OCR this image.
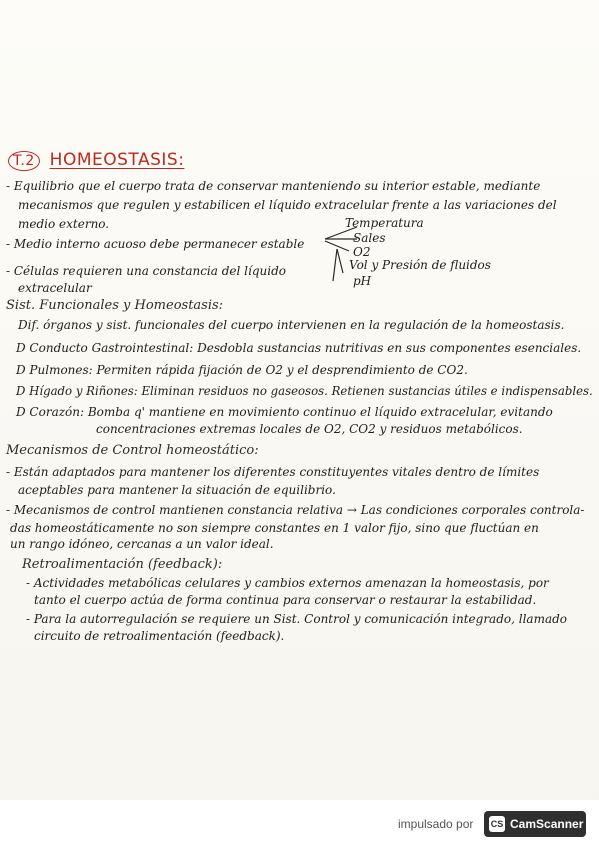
T.2 HOMEOSTASIS:
- Equilibrio que el cuerpo trata de conservar manteniendo su interior estable, mediante
mecanismos que regulen y estabilicen el líquido extracelular frente a las variaciones del
medio externo.
- Medio interno acuoso debe permanecer estable
Temperatura
Sales
O2
Vol y Presión de fluidos
pH
- Células requieren una constancia del líquido
extracelular
Sist. Funcionales y Homeostasis:
Dif. órganos y sist. funcionales del cuerpo intervienen en la regulación de la homeostasis.
D Conducto Gastrointestinal: Desdobla sustancias nutritivas en sus componentes esenciales.
D Pulmones: Permiten rápida fijación de O2 y el desprendimiento de CO2.
D Hígado y Riñones: Eliminan residuos no gaseosos. Retienen sustancias útiles e indispensables.
D Corazón: Bomba q' mantiene en movimiento continuo el líquido extracelular, evitando
concentraciones extremas locales de O2, CO2 y residuos metabólicos.
Mecanismos de Control homeostático:
- Están adaptados para mantener los diferentes constituyentes vitales dentro de límites
aceptables para mantener la situación de equilibrio.
- Mecanismos de control mantienen constancia relativa → Las condiciones corporales controla-
das homeostáticamente no son siempre constantes en 1 valor fijo, sino que fluctúan en
un rango idóneo, cercanas a un valor ideal.
Retroalimentación (feedback):
- Actividades metabólicas celulares y cambios externos amenazan la homeostasis, por
tanto el cuerpo actúa de forma continua para conservar o restaurar la estabilidad.
- Para la autorregulación se requiere un Sist. Control y comunicación integrado, llamado
circuito de retroalimentación (feedback).
impulsado por CS CamScanner
